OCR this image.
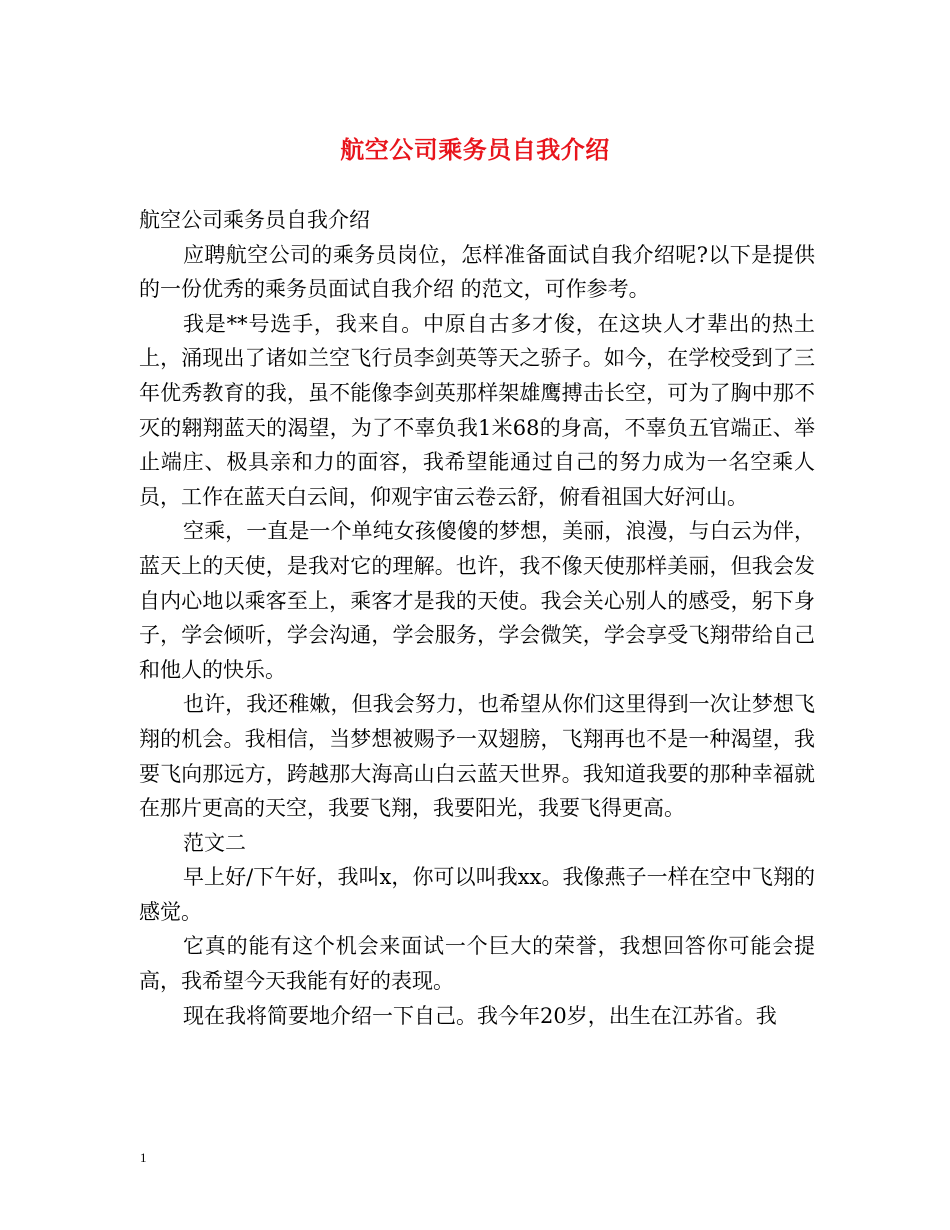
航空公司乘务员自我介绍

航空公司乘务员自我介绍

应聘航空公司的乘务员岗位，怎样准备面试自我介绍呢?以下是提供的一份优秀的乘务员面试自我介绍 的范文，可作参考。

我是**号选手，我来自。中原自古多才俊，在这块人才辈出的热土上，涌现出了诸如兰空飞行员李剑英等天之骄子。如今，在学校受到了三年优秀教育的我，虽不能像李剑英那样架雄鹰搏击长空，可为了胸中那不灭的翱翔蓝天的渴望，为了不辜负我1米68的身高，不辜负五官端正、举止端庄、极具亲和力的面容，我希望能通过自己的努力成为一名空乘人员，工作在蓝天白云间，仰观宇宙云卷云舒，俯看祖国大好河山。

空乘，一直是一个单纯女孩傻傻的梦想，美丽，浪漫，与白云为伴，蓝天上的天使，是我对它的理解。也许，我不像天使那样美丽，但我会发自内心地以乘客至上，乘客才是我的天使。我会关心别人的感受，躬下身子，学会倾听，学会沟通，学会服务，学会微笑，学会享受飞翔带给自己和他人的快乐。

也许，我还稚嫩，但我会努力，也希望从你们这里得到一次让梦想飞翔的机会。我相信，当梦想被赐予一双翅膀，飞翔再也不是一种渴望，我要飞向那远方，跨越那大海高山白云蓝天世界。我知道我要的那种幸福就在那片更高的天空，我要飞翔，我要阳光，我要飞得更高。

范文二

早上好/下午好，我叫x，你可以叫我xx。我像燕子一样在空中飞翔的感觉。

它真的能有这个机会来面试一个巨大的荣誉，我想回答你可能会提高，我希望今天我能有好的表现。

现在我将简要地介绍一下自己。我今年20岁，出生在江苏省。我

1
